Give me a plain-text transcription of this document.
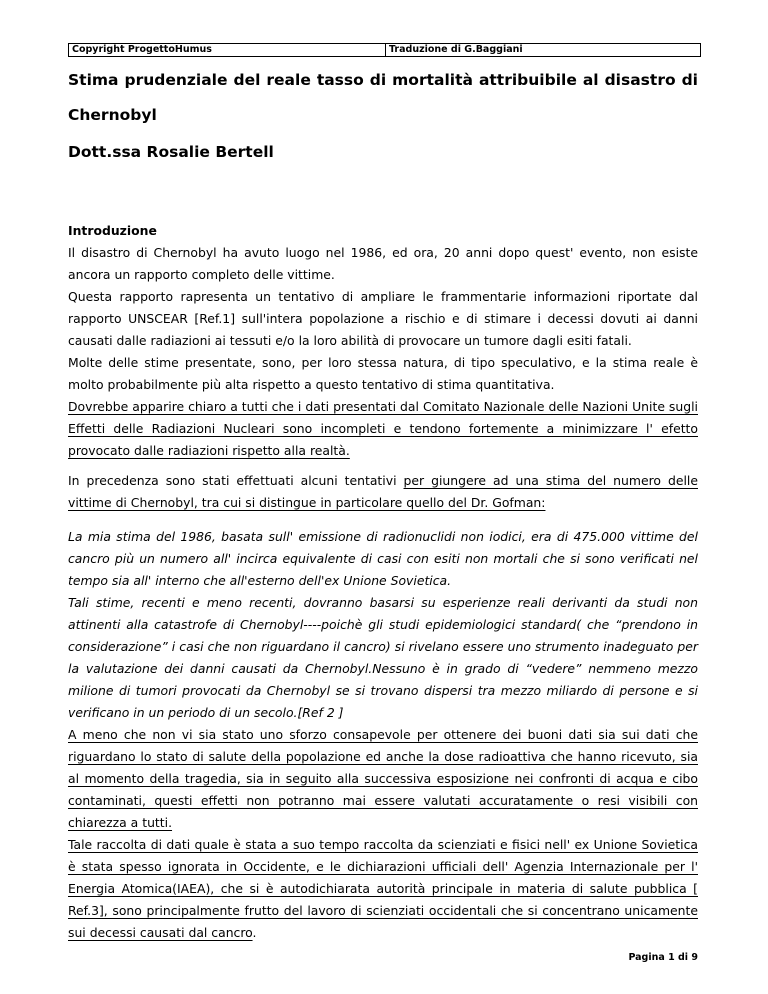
Copyright ProgettoHumus	Traduzione di G.Baggiani
Stima prudenziale del reale tasso di mortalità attribuibile al disastro di Chernobyl
Dott.ssa Rosalie Bertell

Introduzione

Il disastro di Chernobyl ha avuto luogo nel 1986, ed ora, 20 anni dopo quest' evento, non esiste ancora un rapporto completo delle vittime.

Questa rapporto rapresenta un tentativo di ampliare le frammentarie informazioni riportate dal rapporto UNSCEAR [Ref.1] sull'intera popolazione a rischio e di stimare i decessi dovuti ai danni causati dalle radiazioni ai tessuti e/o la loro abilità di provocare un tumore dagli esiti fatali.

Molte delle stime presentate, sono, per loro stessa natura, di tipo speculativo, e la stima reale è molto probabilmente più alta rispetto a questo tentativo di stima quantitativa.

Dovrebbe apparire chiaro a tutti che i dati presentati dal Comitato Nazionale delle Nazioni Unite sugli Effetti delle Radiazioni Nucleari sono incompleti e tendono fortemente a minimizzare l' efetto provocato dalle radiazioni rispetto alla realtà.

In precedenza sono stati effettuati alcuni tentativi per giungere ad una stima del numero delle vittime di Chernobyl, tra cui si distingue in particolare quello del Dr. Gofman:

La mia stima del 1986, basata sull' emissione di radionuclidi non iodici, era di 475.000 vittime del cancro più un numero all' incirca equivalente di casi con esiti non mortali che si sono verificati nel tempo sia all' interno che all'esterno dell'ex Unione Sovietica.

Tali stime, recenti e meno recenti, dovranno basarsi su esperienze reali derivanti da studi non attinenti alla catastrofe di Chernobyl----poichè gli studi epidemiologici standard( che “prendono in considerazione” i casi che non riguardano il cancro) si rivelano essere uno strumento inadeguato per la valutazione dei danni causati da Chernobyl.Nessuno è in grado di “vedere” nemmeno mezzo milione di tumori provocati da Chernobyl se si trovano dispersi tra mezzo miliardo di persone e si verificano in un periodo di un secolo.[Ref 2 ]

A meno che non vi sia stato uno sforzo consapevole per ottenere dei buoni dati sia sui dati che riguardano lo stato di salute della popolazione ed anche la dose radioattiva che hanno ricevuto, sia al momento della tragedia, sia in seguito alla successiva esposizione nei confronti di acqua e cibo contaminati, questi effetti non potranno mai essere valutati accuratamente o resi visibili con chiarezza a tutti.

Tale raccolta di dati quale è stata a suo tempo raccolta da scienziati e fisici nell' ex Unione Sovietica è stata spesso ignorata in Occidente, e le dichiarazioni ufficiali dell' Agenzia Internazionale per l' Energia Atomica(IAEA), che si è autodichiarata autorità principale in materia di salute pubblica [ Ref.3], sono principalmente frutto del lavoro di scienziati occidentali che si concentrano unicamente sui decessi causati dal cancro.

Pagina 1 di 9
